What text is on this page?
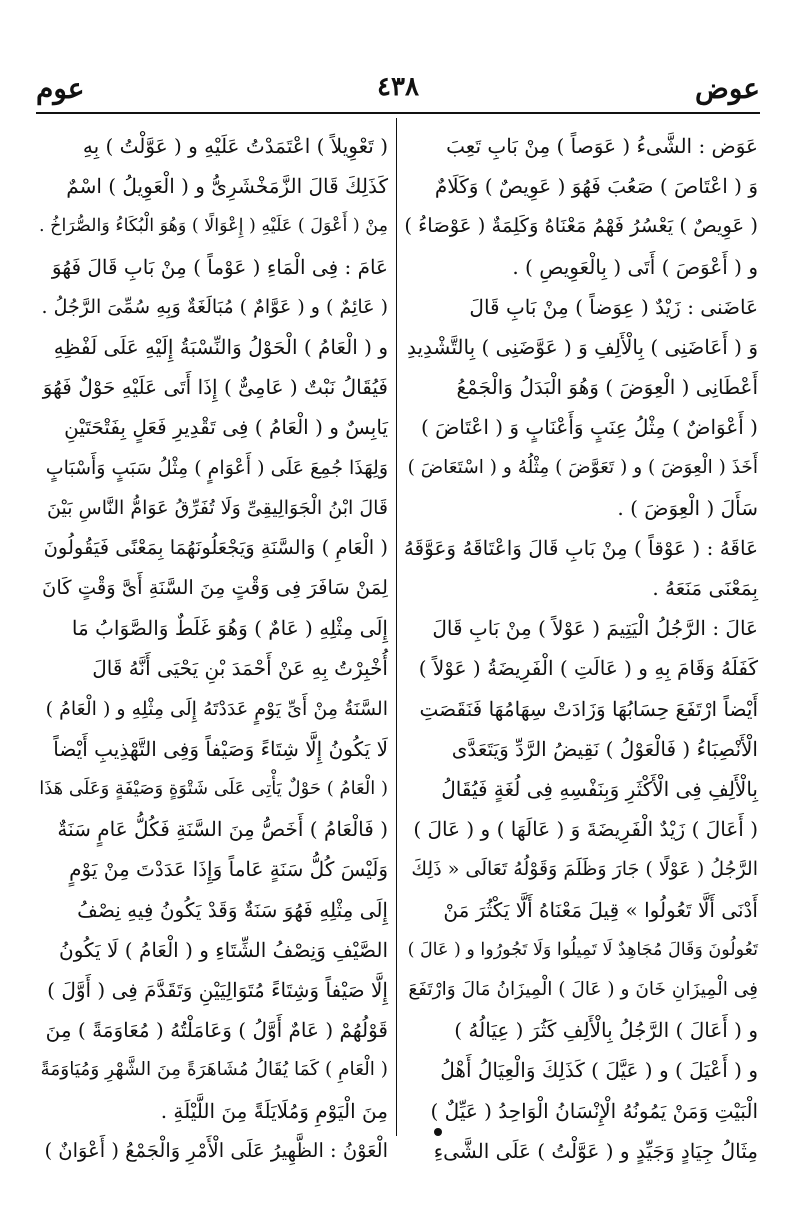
عوض
٤٣٨
عوم
عَوَض : الشَّىءُ ( عَوَصاً ) مِنْ بَابِ تَعِبَ
وَ ( اعْتَاصَ ) صَعُبَ فَهُوَ ( عَوِيصٌ ) وَكَلَامٌ
( عَوِيصٌ ) يَعْسُرُ فَهْمُ مَعْنَاهُ وَكَلِمَةٌ ( عَوْصَاءُ )
و ( أَعْوَصَ ) أَتَى ( بِالْعَوِيصِ ) .
عَاضَنى : زَيْدٌ ( عِوَضاً ) مِنْ بَابِ قَالَ
وَ ( أَعَاضَنِى ) بِالْأَلِفِ وَ ( عَوَّضَنِى ) بِالتَّشْدِيدِ
أَعْطَانِى ( الْعِوَضَ ) وَهُوَ الْبَدَلُ وَالْجَمْعُ
( أَعْوَاضٌ ) مِثْلُ عِنَبٍ وَأَعْنَابٍ وَ ( اعْتَاضَ )
أَخَذَ ( الْعِوَضَ ) و ( تَعَوَّضَ ) مِثْلُهُ و ( اسْتَعَاضَ )
سَأَلَ ( الْعِوَضَ ) .
عَاقَهُ : ( عَوْقاً ) مِنْ بَابِ قَالَ وَاعْتَاقَهُ وَعَوَّقَهُ
بِمَعْنَى مَنَعَهُ .
عَالَ : الرَّجُلُ الْيَتِيمَ ( عَوْلاً ) مِنْ بَابِ قَالَ
كَفَلَهُ وَقَامَ بِهِ و ( عَالَتِ ) الْفَرِيضَةُ ( عَوْلاً )
أَيْضاً ارْتَفَعَ حِسَابُهَا وَزَادَتْ سِهَامُهَا فَنَقَصَتِ
الْأَنْصِبَاءُ ( فَالْعَوْلُ ) نَقِيضُ الرَّدِّ وَيَتَعَدَّى
بِالْأَلِفِ فِى الْأَكْثَرِ وَبِنَفْسِهِ فِى لُغَةٍ فَيُقَالُ
( أَعَالَ ) زَيْدٌ الْفَرِيضَةَ وَ ( عَالَهَا ) و ( عَالَ )
الرَّجُلُ ( عَوْلًا ) جَارَ وَظَلَمَ وَقَوْلُهُ تَعَالَى « ذَلِكَ
أَدْنَى أَلَّا تَعُولُوا » قِيلَ مَعْنَاهُ أَلَّا يَكْثُرَ مَنْ
تَعُولُونَ وَقَالَ مُجَاهِدٌ لَا تَمِيلُوا وَلَا تَجُورُوا و ( عَالَ )
فِى الْمِيزَانِ خَانَ و ( عَالَ ) الْمِيزَانُ مَالَ وَارْتَفَعَ
و ( أَعَالَ ) الرَّجُلُ بِالْأَلِفِ كَثُرَ ( عِيَالُهُ )
و ( أَعْيَلَ ) و ( عَيَّلَ ) كَذَلِكَ وَالْعِيَالُ أَهْلُ
الْبَيْتِ وَمَنْ يَمُونُهُ الْإِنْسَانُ الْوَاحِدُ ( عَيِّلٌ )
مِثَالُ جِيَادٍ وَجَيِّدٍ و ( عَوَّلْتُ ) عَلَى الشَّىءِ
( تَعْوِيلاً ) اعْتَمَدْتُ عَلَيْهِ و ( عَوَّلْتُ ) بِهِ
كَذَلِكَ قَالَ الزَّمَخْشَرِىُّ و ( الْعَوِيلُ ) اسْمٌ
مِنْ ( أَعْوَلَ ) عَلَيْهِ ( إِعْوَالًا ) وَهُوَ الْبُكَاءُ وَالصُّرَاخُ .
عَامَ : فِى الْمَاءِ ( عَوْماً ) مِنْ بَابِ قَالَ فَهُوَ
( عَائِمٌ ) و ( عَوَّامٌ ) مُبَالَغَةٌ وَبِهِ سُمِّىَ الرَّجُلُ .
و ( الْعَامُ ) الْحَوْلُ وَالنِّسْبَةُ إِلَيْهِ عَلَى لَفْظِهِ
فَيُقَالُ نَبْتٌ ( عَامِىٌّ ) إِذَا أَتَى عَلَيْهِ حَوْلٌ فَهُوَ
يَابِسٌ و ( الْعَامُ ) فِى تَقْدِيرِ فَعَلٍ بِفَتْحَتَيْنِ
وَلِهَذَا جُمِعَ عَلَى ( أَعْوَامٍ ) مِثْلُ سَبَبٍ وَأَسْبَابٍ
قَالَ ابْنُ الْجَوَالِيقِىِّ وَلَا تُفَرِّقُ عَوَامُّ النَّاسِ بَيْنَ
( الْعَامِ ) وَالسَّنَةِ وَيَجْعَلُونَهُمَا بِمَعْنًى فَيَقُولُونَ
لِمَنْ سَافَرَ فِى وَقْتٍ مِنَ السَّنَةِ أَىَّ وَقْتٍ كَانَ
إِلَى مِثْلِهِ ( عَامٌ ) وَهُوَ غَلَطٌ وَالصَّوَابُ مَا
أُخْبِرْتُ بِهِ عَنْ أَحْمَدَ بْنِ يَحْيَى أَنَّهُ قَالَ
السَّنَةُ مِنْ أَىِّ يَوْمٍ عَدَدْتَهُ إِلَى مِثْلِهِ و ( الْعَامُ )
لَا يَكُونُ إِلَّا شِتَاءً وَصَيْفاً وَفِى التَّهْذِيبِ أَيْضاً
( الْعَامُ ) حَوْلٌ يَأْتِى عَلَى شَتْوَةٍ وَصَيْفَةٍ وَعَلَى هَذَا
( فَالْعَامُ ) أَخَصُّ مِنَ السَّنَةِ فَكُلُّ عَامٍ سَنَةٌ
وَلَيْسَ كُلُّ سَنَةٍ عَاماً وَإِذَا عَدَدْتَ مِنْ يَوْمٍ
إِلَى مِثْلِهِ فَهُوَ سَنَةٌ وَقَدْ يَكُونُ فِيهِ نِصْفُ
الصَّيْفِ وَنِصْفُ الشِّتَاءِ و ( الْعَامُ ) لَا يَكُونُ
إِلَّا صَيْفاً وَشِتَاءً مُتَوَالِيَيْنِ وَتَقَدَّمَ فِى ( أَوَّلَ )
قَوْلُهُمْ ( عَامٌ أَوَّلُ ) وَعَامَلْتُهُ ( مُعَاوَمَةً ) مِنَ
( الْعَامِ ) كَمَا يُقَالُ مُشَاهَرَةً مِنَ الشَّهْرِ وَمُيَاوَمَةً
مِنَ الْيَوْمِ وَمُلَايَلَةً مِنَ اللَّيْلَةِ .
الْعَوْنُ : الظَّهِيرُ عَلَى الْأَمْرِ وَالْجَمْعُ ( أَعْوَانٌ )
